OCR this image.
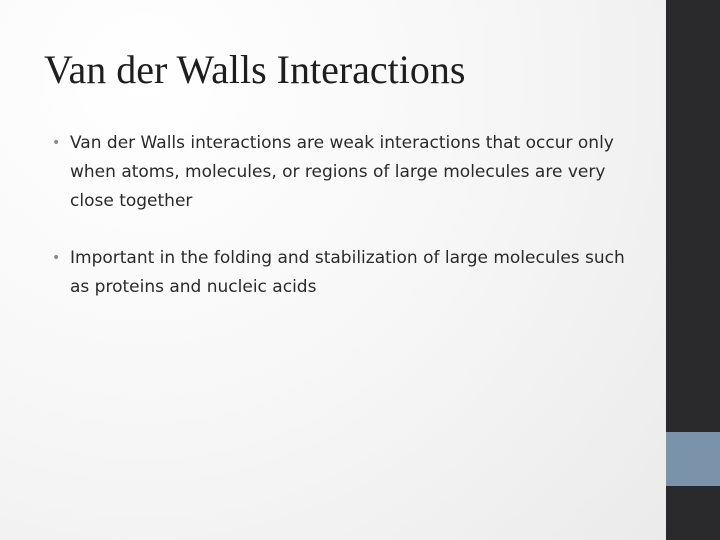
Van der Walls Interactions
• Van der Walls interactions are weak interactions that occur only when atoms, molecules, or regions of large molecules are very close together
• Important in the folding and stabilization of large molecules such as proteins and nucleic acids
